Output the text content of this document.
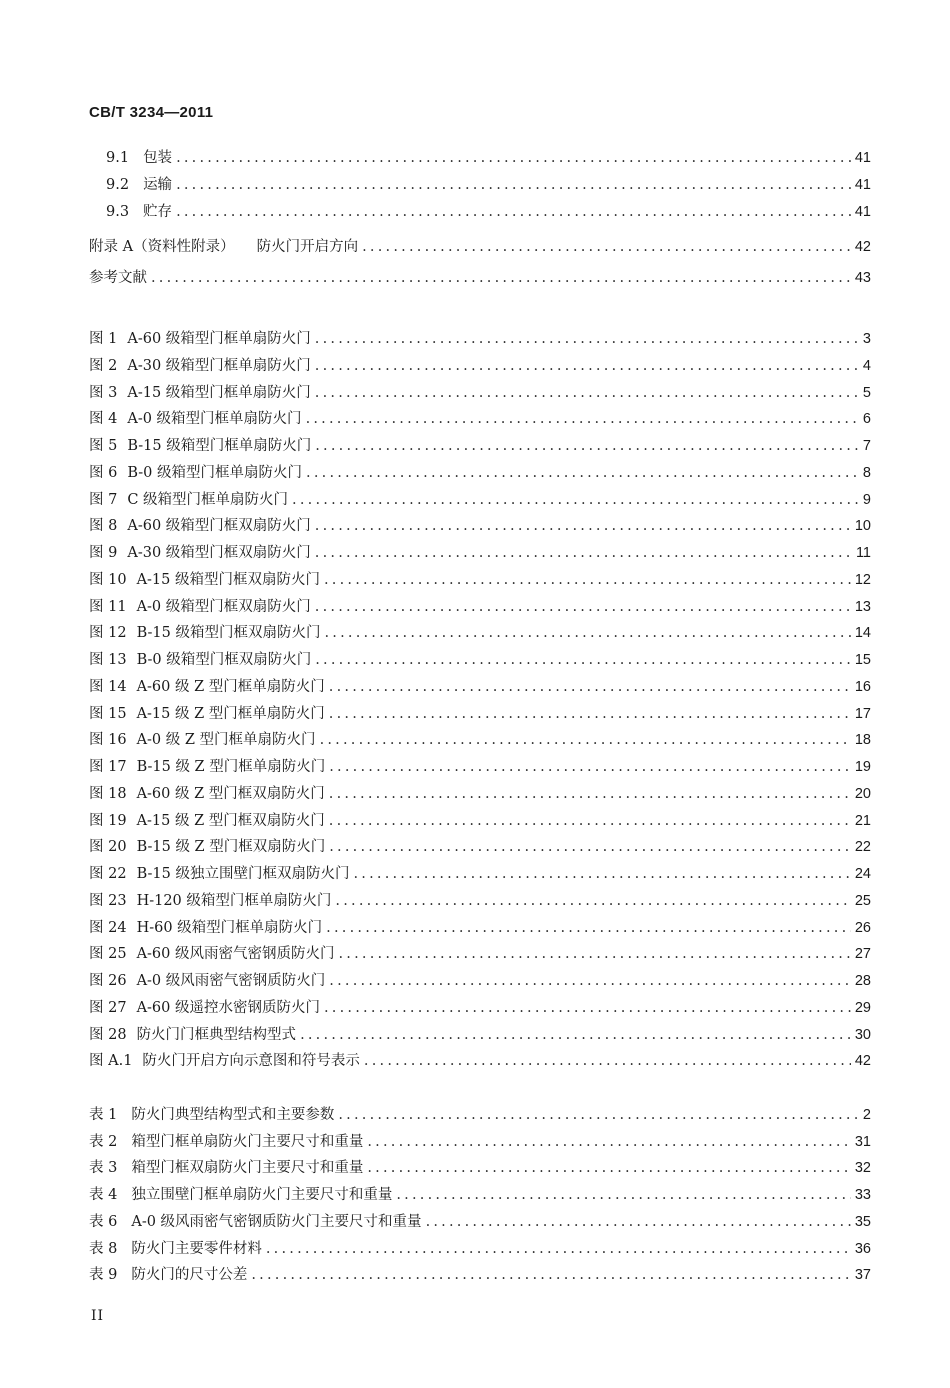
CB/T 3234—2011
9.1 包装 .....	41
9.2 运输 .....	41
9.3 贮存 .....	41
附录 A（资料性附录） 防火门开启方向 .....	42
参考文献 .....	43
图 1 A-60 级箱型门框单扇防火门 .....	3
图 2 A-30 级箱型门框单扇防火门 .....	4
图 3 A-15 级箱型门框单扇防火门 .....	5
图 4 A-0 级箱型门框单扇防火门 .....	6
图 5 B-15 级箱型门框单扇防火门 .....	7
图 6 B-0 级箱型门框单扇防火门 .....	8
图 7 C 级箱型门框单扇防火门 .....	9
图 8 A-60 级箱型门框双扇防火门 .....	10
图 9 A-30 级箱型门框双扇防火门 .....	11
图 10 A-15 级箱型门框双扇防火门 .....	12
图 11 A-0 级箱型门框双扇防火门 .....	13
图 12 B-15 级箱型门框双扇防火门 .....	14
图 13 B-0 级箱型门框双扇防火门 .....	15
图 14 A-60 级 Z 型门框单扇防火门 .....	16
图 15 A-15 级 Z 型门框单扇防火门 .....	17
图 16 A-0 级 Z 型门框单扇防火门 .....	18
图 17 B-15 级 Z 型门框单扇防火门 .....	19
图 18 A-60 级 Z 型门框双扇防火门 .....	20
图 19 A-15 级 Z 型门框双扇防火门 .....	21
图 20 B-15 级 Z 型门框双扇防火门 .....	22
图 22 B-15 级独立围壁门框双扇防火门 .....	24
图 23 H-120 级箱型门框单扇防火门 .....	25
图 24 H-60 级箱型门框单扇防火门 .....	26
图 25 A-60 级风雨密气密钢质防火门 .....	27
图 26 A-0 级风雨密气密钢质防火门 .....	28
图 27 A-60 级遥控水密钢质防火门 .....	29
图 28 防火门门框典型结构型式 .....	30
图 A.1 防火门开启方向示意图和符号表示 .....	42
表 1 防火门典型结构型式和主要参数 .....	2
表 2 箱型门框单扇防火门主要尺寸和重量 .....	31
表 3 箱型门框双扇防火门主要尺寸和重量 .....	32
表 4 独立围壁门框单扇防火门主要尺寸和重量 .....	33
表 6 A-0 级风雨密气密钢质防火门主要尺寸和重量 .....	35
表 8 防火门主要零件材料 .....	36
表 9 防火门的尺寸公差 .....	37
II
